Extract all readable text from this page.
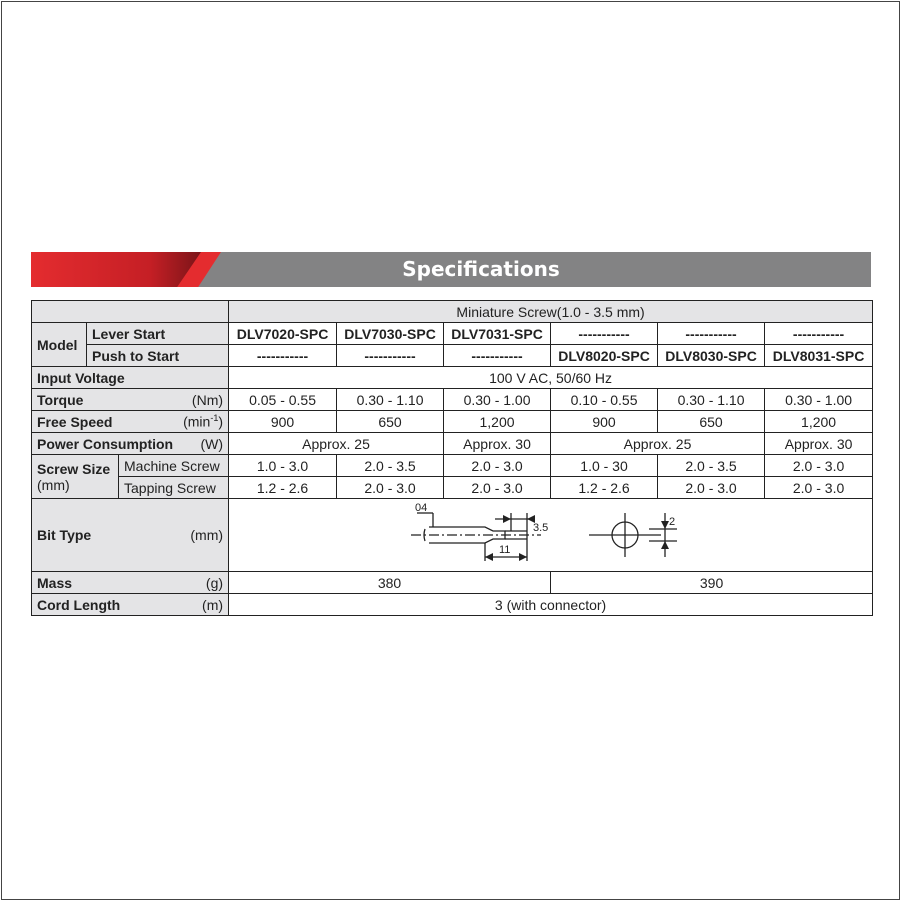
Specifications
			Miniature Screw(1.0 - 3.5 mm)					
Model	Lever Start		DLV7020-SPC	DLV7030-SPC	DLV7031-SPC	-----------	-----------	-----------
	Push to Start		-----------	-----------	-----------	DLV8020-SPC	DLV8030-SPC	DLV8031-SPC
Input Voltage			100 V AC, 50/60 Hz					

Torque (Nm)			0.05 - 0.55	0.30 - 1.10	0.30 - 1.00	0.10 - 0.55	0.30 - 1.10	0.30 - 1.00

Free Speed $(\min^{-1})$			900	650	1,200	900	650	1,200

Power Consumption (W)			Approx. 25		Approx. 30	Approx. 25		Approx. 30

Screw Size
(mm)		Machine Screw	1.0 - 3.0	2.0 - 3.5	2.0 - 3.0	1.0 - 30	2.0 - 3.5	2.0 - 3.0
		Tapping Screw	1.2 - 2.6	2.0 - 3.0	2.0 - 3.0	1.2 - 2.6	2.0 - 3.0	2.0 - 3.0

Bit Type (mm)			04
3.5
11
2					

Mass (g)			380			390		

Cord Length (m)			3 (with connector)					
